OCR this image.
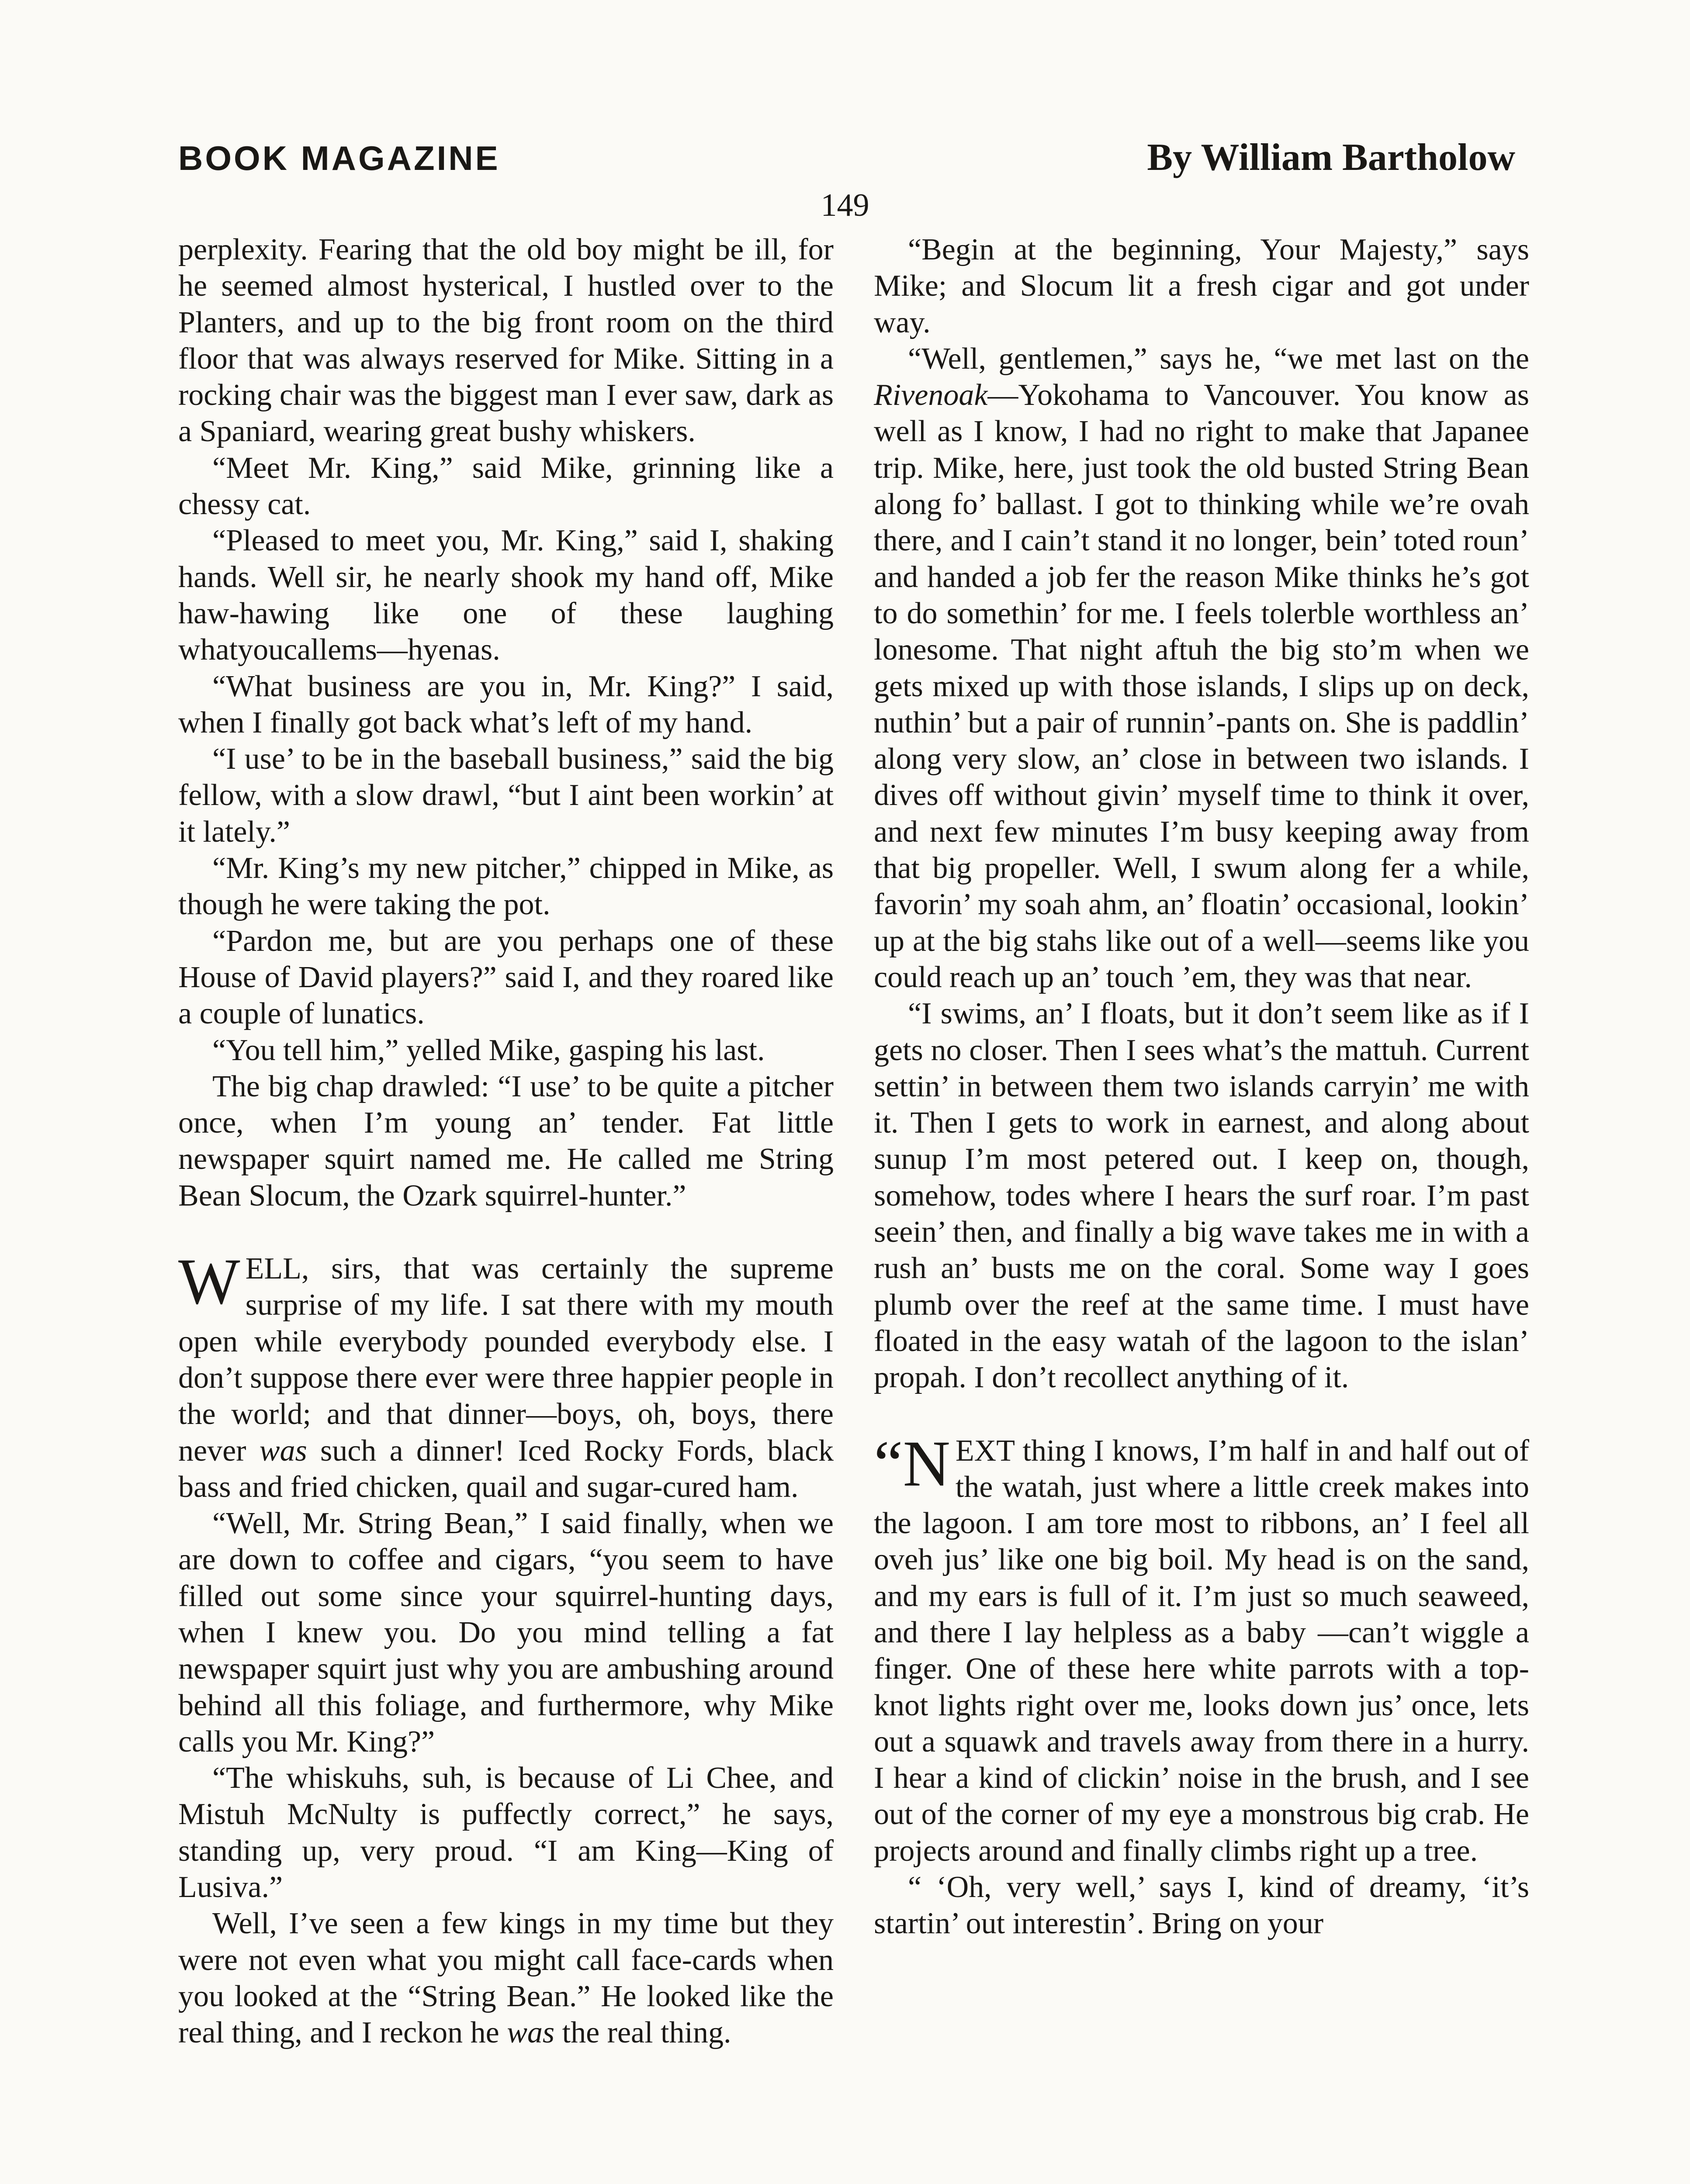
BOOK MAGAZINE	By William Bartholow
149

perplexity. Fearing that the old boy might be ill, for he seemed almost hysterical, I hustled over to the Planters, and up to the big front room on the third floor that was always reserved for Mike. Sitting in a rocking chair was the biggest man I ever saw, dark as a Spaniard, wearing great bushy whiskers.

“Meet Mr. King,” said Mike, grinning like a chessy cat.

“Pleased to meet you, Mr. King,” said I, shaking hands. Well sir, he nearly shook my hand off, Mike haw-hawing like one of these laughing whatyoucallems—hyenas.

“What business are you in, Mr. King?” I said, when I finally got back what’s left of my hand.

“I use’ to be in the baseball business,” said the big fellow, with a slow drawl, “but I aint been workin’ at it lately.”

“Mr. King’s my new pitcher,” chipped in Mike, as though he were taking the pot.

“Pardon me, but are you perhaps one of these House of David players?” said I, and they roared like a couple of lunatics.

“You tell him,” yelled Mike, gasping his last.

The big chap drawled: “I use’ to be quite a pitcher once, when I’m young an’ tender. Fat little newspaper squirt named me. He called me String Bean Slocum, the Ozark squirrel-hunter.”

WELL, sirs, that was certainly the supreme surprise of my life. I sat there with my mouth open while everybody pounded everybody else. I don’t suppose there ever were three happier people in the world; and that dinner—boys, oh, boys, there never was such a dinner! Iced Rocky Fords, black bass and fried chicken, quail and sugar-cured ham.

“Well, Mr. String Bean,” I said finally, when we are down to coffee and cigars, “you seem to have filled out some since your squirrel-hunting days, when I knew you. Do you mind telling a fat newspaper squirt just why you are ambushing around behind all this foliage, and furthermore, why Mike calls you Mr. King?”

“The whiskuhs, suh, is because of Li Chee, and Mistuh McNulty is puffectly correct,” he says, standing up, very proud. “I am King—King of Lusiva.”

Well, I’ve seen a few kings in my time but they were not even what you might call face-cards when you looked at the “String Bean.” He looked like the real thing, and I reckon he was the real thing.

“Begin at the beginning, Your Majesty,” says Mike; and Slocum lit a fresh cigar and got under way.

“Well, gentlemen,” says he, “we met last on the Rivenoak—Yokohama to Vancouver. You know as well as I know, I had no right to make that Japanee trip. Mike, here, just took the old busted String Bean along fo’ ballast. I got to thinking while we’re ovah there, and I cain’t stand it no longer, bein’ toted roun’ and handed a job fer the reason Mike thinks he’s got to do somethin’ for me. I feels tolerble worthless an’ lonesome. That night aftuh the big sto’m when we gets mixed up with those islands, I slips up on deck, nuthin’ but a pair of runnin’-pants on. She is paddlin’ along very slow, an’ close in between two islands. I dives off without givin’ myself time to think it over, and next few minutes I’m busy keeping away from that big propeller. Well, I swum along fer a while, favorin’ my soah ahm, an’ floatin’ occasional, lookin’ up at the big stahs like out of a well—seems like you could reach up an’ touch ’em, they was that near.

“I swims, an’ I floats, but it don’t seem like as if I gets no closer. Then I sees what’s the mattuh. Current settin’ in between them two islands carryin’ me with it. Then I gets to work in earnest, and along about sunup I’m most petered out. I keep on, though, somehow, todes where I hears the surf roar. I’m past seein’ then, and finally a big wave takes me in with a rush an’ busts me on the coral. Some way I goes plumb over the reef at the same time. I must have floated in the easy watah of the lagoon to the islan’ propah. I don’t recollect anything of it.

“NEXT thing I knows, I’m half in and half out of the watah, just where a little creek makes into the lagoon. I am tore most to ribbons, an’ I feel all oveh jus’ like one big boil. My head is on the sand, and my ears is full of it. I’m just so much seaweed, and there I lay helpless as a baby —can’t wiggle a finger. One of these here white parrots with a top-knot lights right over me, looks down jus’ once, lets out a squawk and travels away from there in a hurry. I hear a kind of clickin’ noise in the brush, and I see out of the corner of my eye a monstrous big crab. He projects around and finally climbs right up a tree.

“ ‘Oh, very well,’ says I, kind of dreamy, ‘it’s startin’ out interestin’. Bring on your
